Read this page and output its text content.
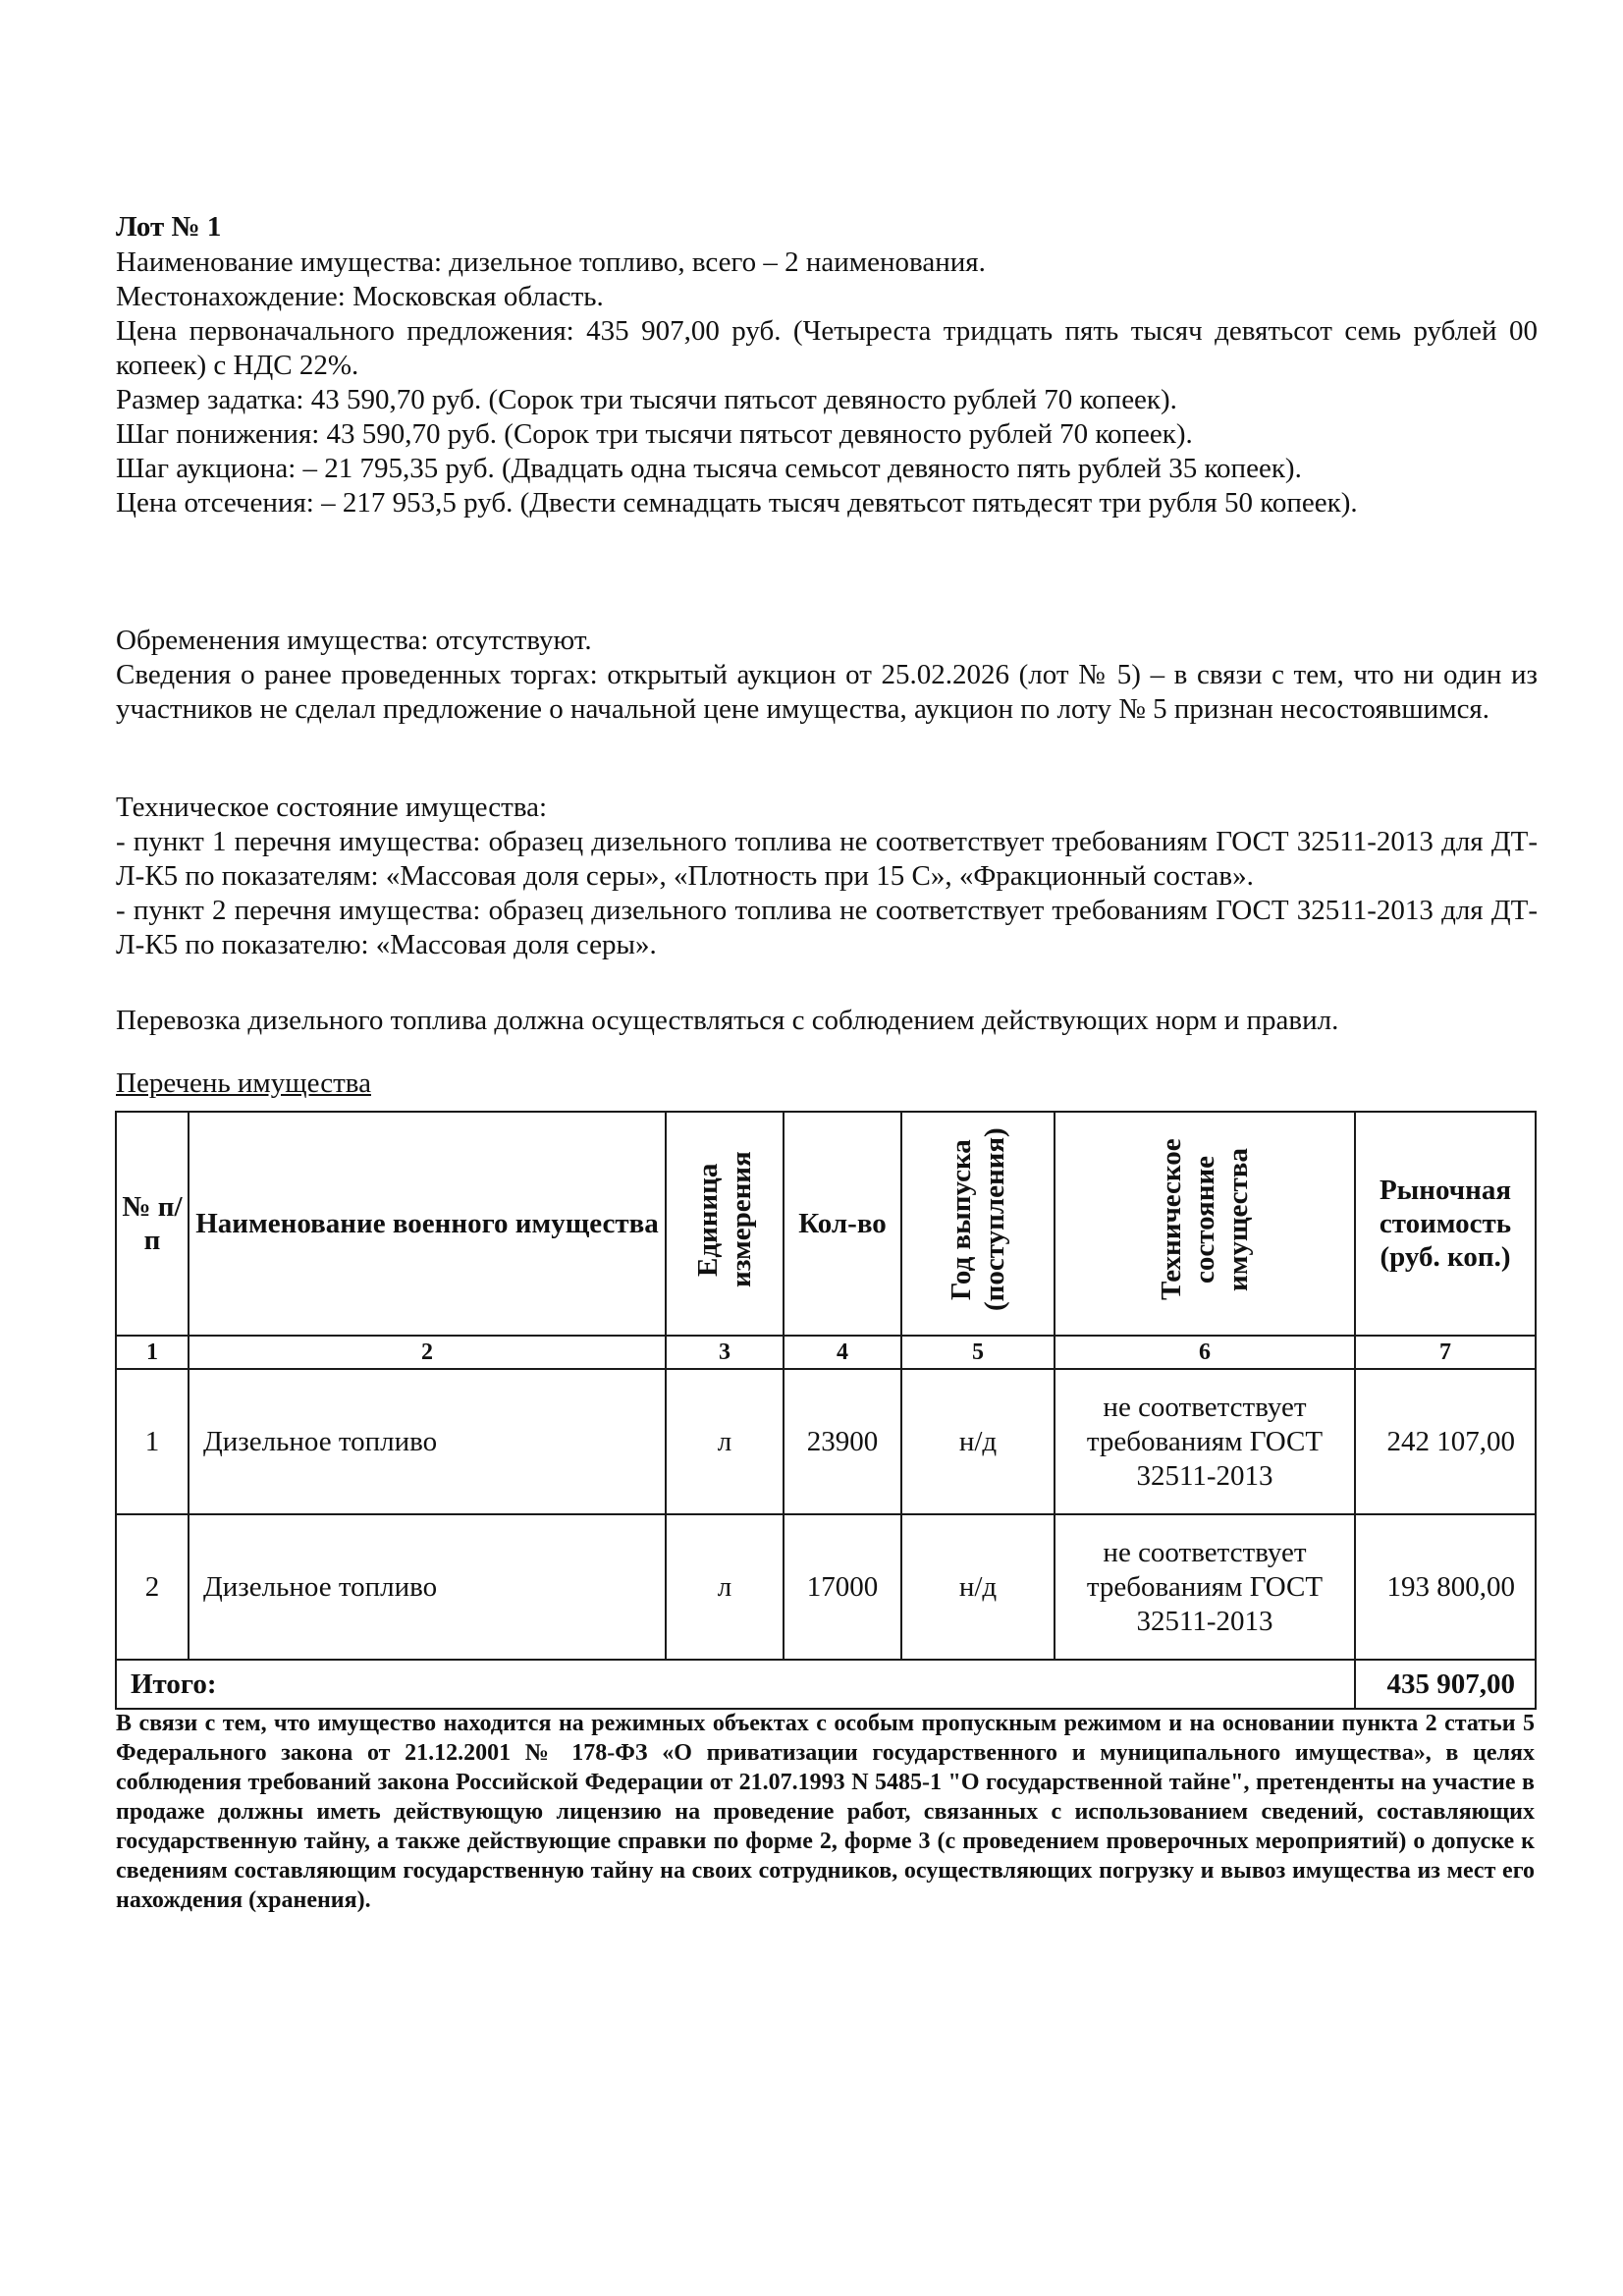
Лот № 1

Наименование имущества: дизельное топливо, всего – 2 наименования.

Местонахождение: Московская область.

Цена первоначального предложения: 435 907,00 руб. (Четыреста тридцать пять тысяч девятьсот семь рублей 00 копеек) с НДС 22%.

Размер задатка: 43 590,70 руб. (Сорок три тысячи пятьсот девяносто рублей 70 копеек).

Шаг понижения: 43 590,70 руб. (Сорок три тысячи пятьсот девяносто рублей 70 копеек).

Шаг аукциона: – 21 795,35 руб. (Двадцать одна тысяча семьсот девяносто пять рублей 35 копеек).

Цена отсечения: – 217 953,5 руб. (Двести семнадцать тысяч девятьсот пятьдесят три рубля 50 копеек).

Обременения имущества: отсутствуют.

Сведения о ранее проведенных торгах: открытый аукцион от 25.02.2026 (лот № 5) – в связи с тем, что ни один из участников не сделал предложение о начальной цене имущества, аукцион по лоту № 5 признан несостоявшимся.

Техническое состояние имущества:

- пункт 1 перечня имущества: образец дизельного топлива не соответствует требованиям ГОСТ 32511-2013 для ДТ-Л-К5 по показателям: «Массовая доля серы», «Плотность при 15 С», «Фракционный состав».

- пункт 2 перечня имущества: образец дизельного топлива не соответствует требованиям ГОСТ 32511-2013 для ДТ-Л-К5 по показателю: «Массовая доля серы».

Перевозка дизельного топлива должна осуществляться с соблюдением действующих норм и правил.

Перечень имущества
№ п/п	Наименование военного имущества	Единица измерения	Кол-во	Год выпуска (поступления)	Техническое состояние имущества	Рыночная стоимость (руб. коп.)
1	2	3	4	5	6	7
1	Дизельное топливо	л	23900	н/д	не соответствует требованиям ГОСТ 32511-2013	242 107,00
2	Дизельное топливо	л	17000	н/д	не соответствует требованиям ГОСТ 32511-2013	193 800,00
Итого:						435 907,00

В связи с тем, что имущество находится на режимных объектах с особым пропускным режимом и на основании пункта 2 статьи 5 Федерального закона от 21.12.2001 № 178-ФЗ «О приватизации государственного и муниципального имущества», в целях соблюдения требований закона Российской Федерации от 21.07.1993 N 5485-1 "О государственной тайне", претенденты на участие в продаже должны иметь действующую лицензию на проведение работ, связанных с использованием сведений, составляющих государственную тайну, а также действующие справки по форме 2, форме 3 (с проведением проверочных мероприятий) о допуске к сведениям составляющим государственную тайну на своих сотрудников, осуществляющих погрузку и вывоз имущества из мест его нахождения (хранения).
